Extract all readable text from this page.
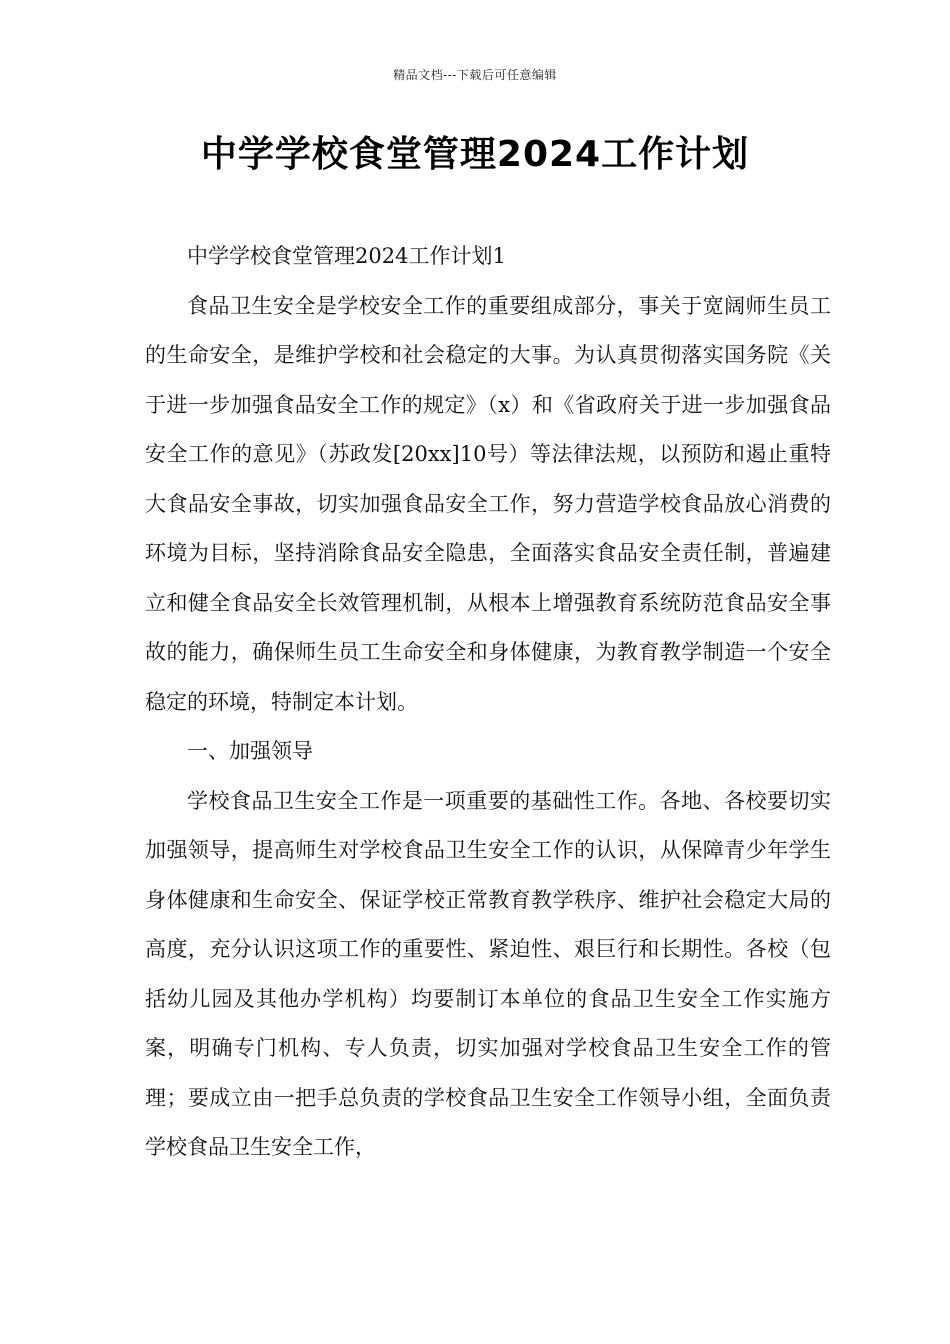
精品文档---下载后可任意编辑
中学学校食堂管理2024工作计划

中学学校食堂管理2024工作计划1

食品卫生安全是学校安全工作的重要组成部分，事关于宽阔师生员工的生命安全，是维护学校和社会稳定的大事。为认真贯彻落实国务院《关于进一步加强食品安全工作的规定》（x）和《省政府关于进一步加强食品安全工作的意见》（苏政发[20xx]10号）等法律法规，以预防和遏止重特大食品安全事故，切实加强食品安全工作，努力营造学校食品放心消费的环境为目标，坚持消除食品安全隐患，全面落实食品安全责任制，普遍建立和健全食品安全长效管理机制，从根本上增强教育系统防范食品安全事故的能力，确保师生员工生命安全和身体健康，为教育教学制造一个安全稳定的环境，特制定本计划。

一、加强领导

学校食品卫生安全工作是一项重要的基础性工作。各地、各校要切实加强领导，提高师生对学校食品卫生安全工作的认识，从保障青少年学生身体健康和生命安全、保证学校正常教育教学秩序、维护社会稳定大局的高度，充分认识这项工作的重要性、紧迫性、艰巨行和长期性。各校（包括幼儿园及其他办学机构）均要制订本单位的食品卫生安全工作实施方案，明确专门机构、专人负责，切实加强对学校食品卫生安全工作的管理；要成立由一把手总负责的学校食品卫生安全工作领导小组，全面负责学校食品卫生安全工作，
